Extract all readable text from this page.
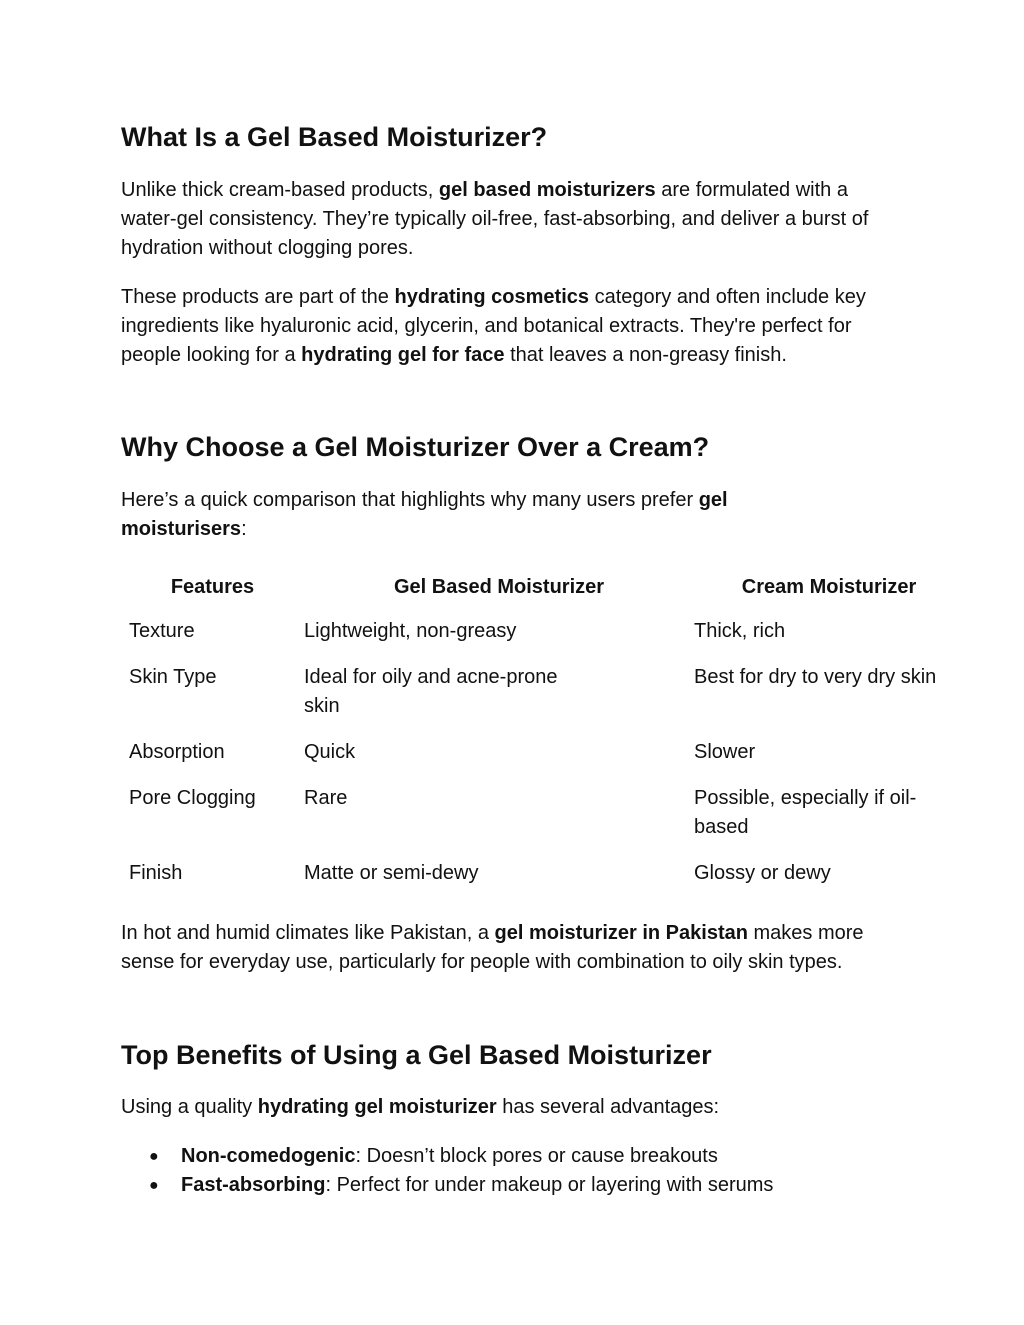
What Is a Gel Based Moisturizer?

Unlike thick cream-based products, gel based moisturizers are formulated with a water-gel consistency. They’re typically oil-free, fast-absorbing, and deliver a burst of hydration without clogging pores.

These products are part of the hydrating cosmetics category and often include key ingredients like hyaluronic acid, glycerin, and botanical extracts. They're perfect for people looking for a hydrating gel for face that leaves a non-greasy finish.

Why Choose a Gel Moisturizer Over a Cream?

Here’s a quick comparison that highlights why many users prefer gel moisturisers:

Features	Gel Based Moisturizer	Cream Moisturizer
Texture	Lightweight, non-greasy	Thick, rich
Skin Type	Ideal for oily and acne-prone skin	Best for dry to very dry skin
Absorption	Quick	Slower
Pore Clogging	Rare	Possible, especially if oil-based
Finish	Matte or semi-dewy	Glossy or dewy

In hot and humid climates like Pakistan, a gel moisturizer in Pakistan makes more sense for everyday use, particularly for people with combination to oily skin types.

Top Benefits of Using a Gel Based Moisturizer

Using a quality hydrating gel moisturizer has several advantages:

● Non-comedogenic: Doesn’t block pores or cause breakouts
● Fast-absorbing: Perfect for under makeup or layering with serums
